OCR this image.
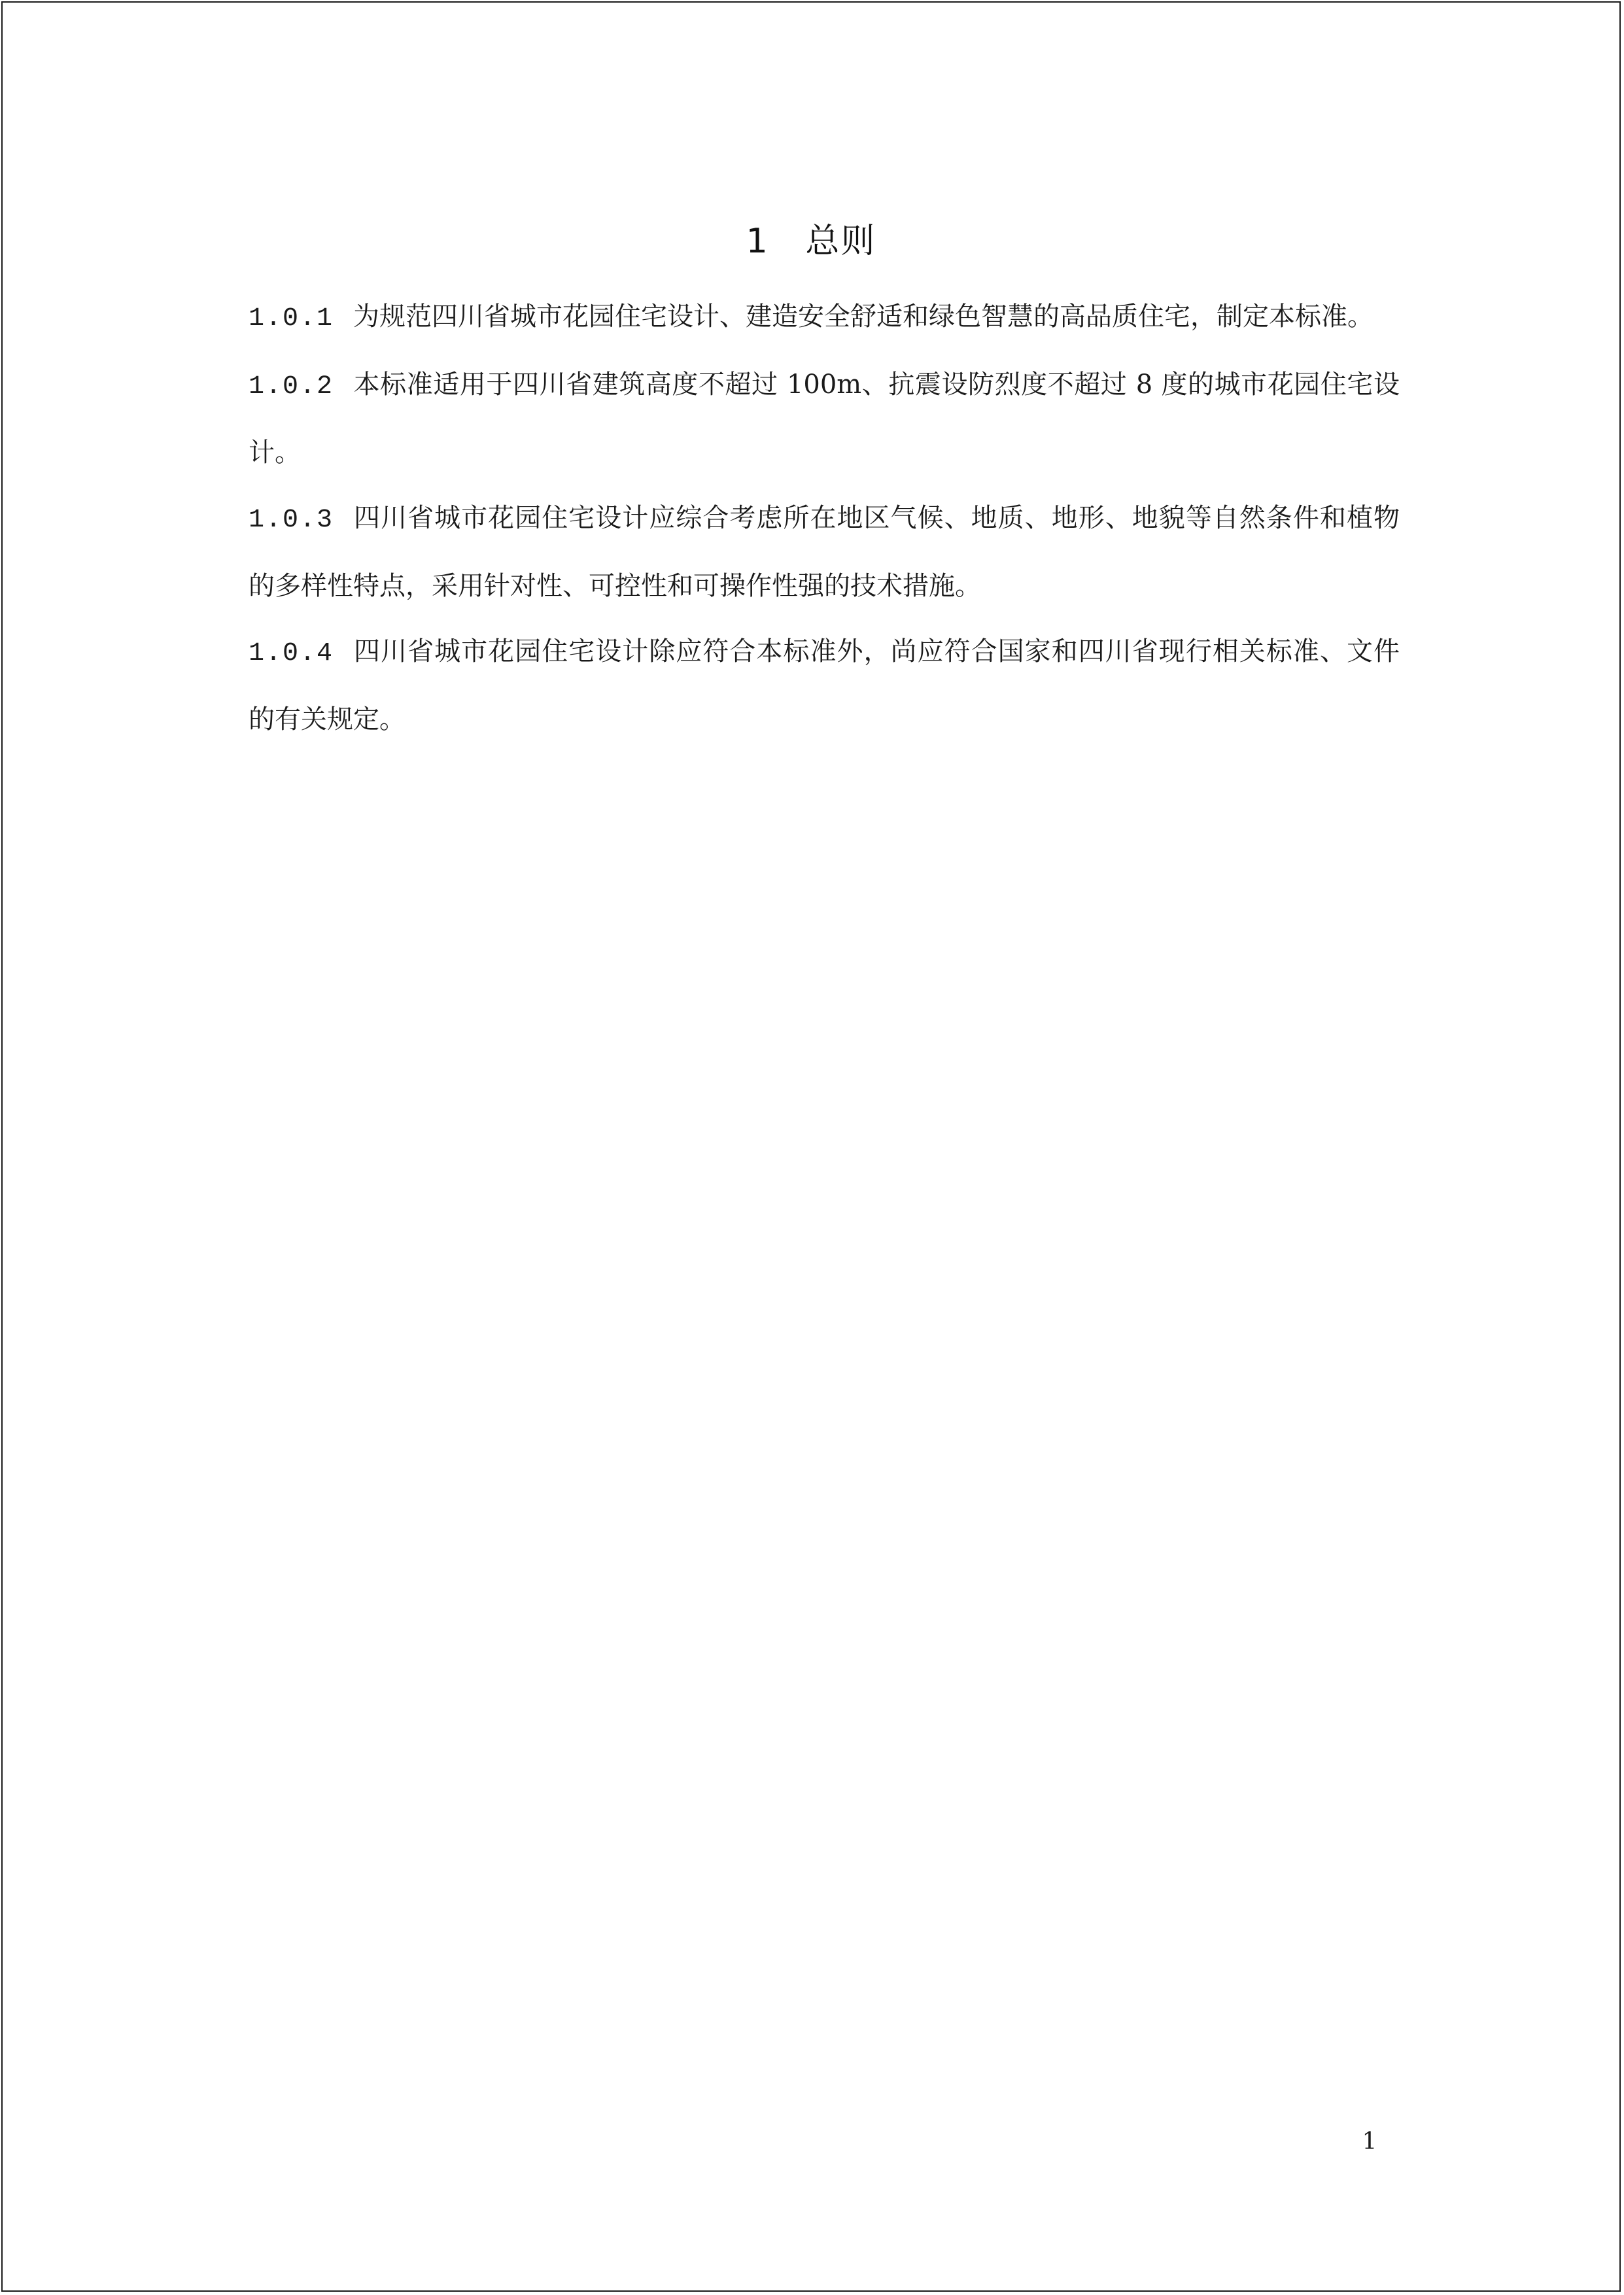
1 总则

1.0.1 为规范四川省城市花园住宅设计、建造安全舒适和绿色智慧的高品质住宅，制定本标准。

1.0.2 本标准适用于四川省建筑高度不超过 100m、抗震设防烈度不超过 8 度的城市花园住宅设计。

1.0.3 四川省城市花园住宅设计应综合考虑所在地区气候、地质、地形、地貌等自然条件和植物的多样性特点，采用针对性、可控性和可操作性强的技术措施。

1.0.4 四川省城市花园住宅设计除应符合本标准外，尚应符合国家和四川省现行相关标准、文件的有关规定。

1
